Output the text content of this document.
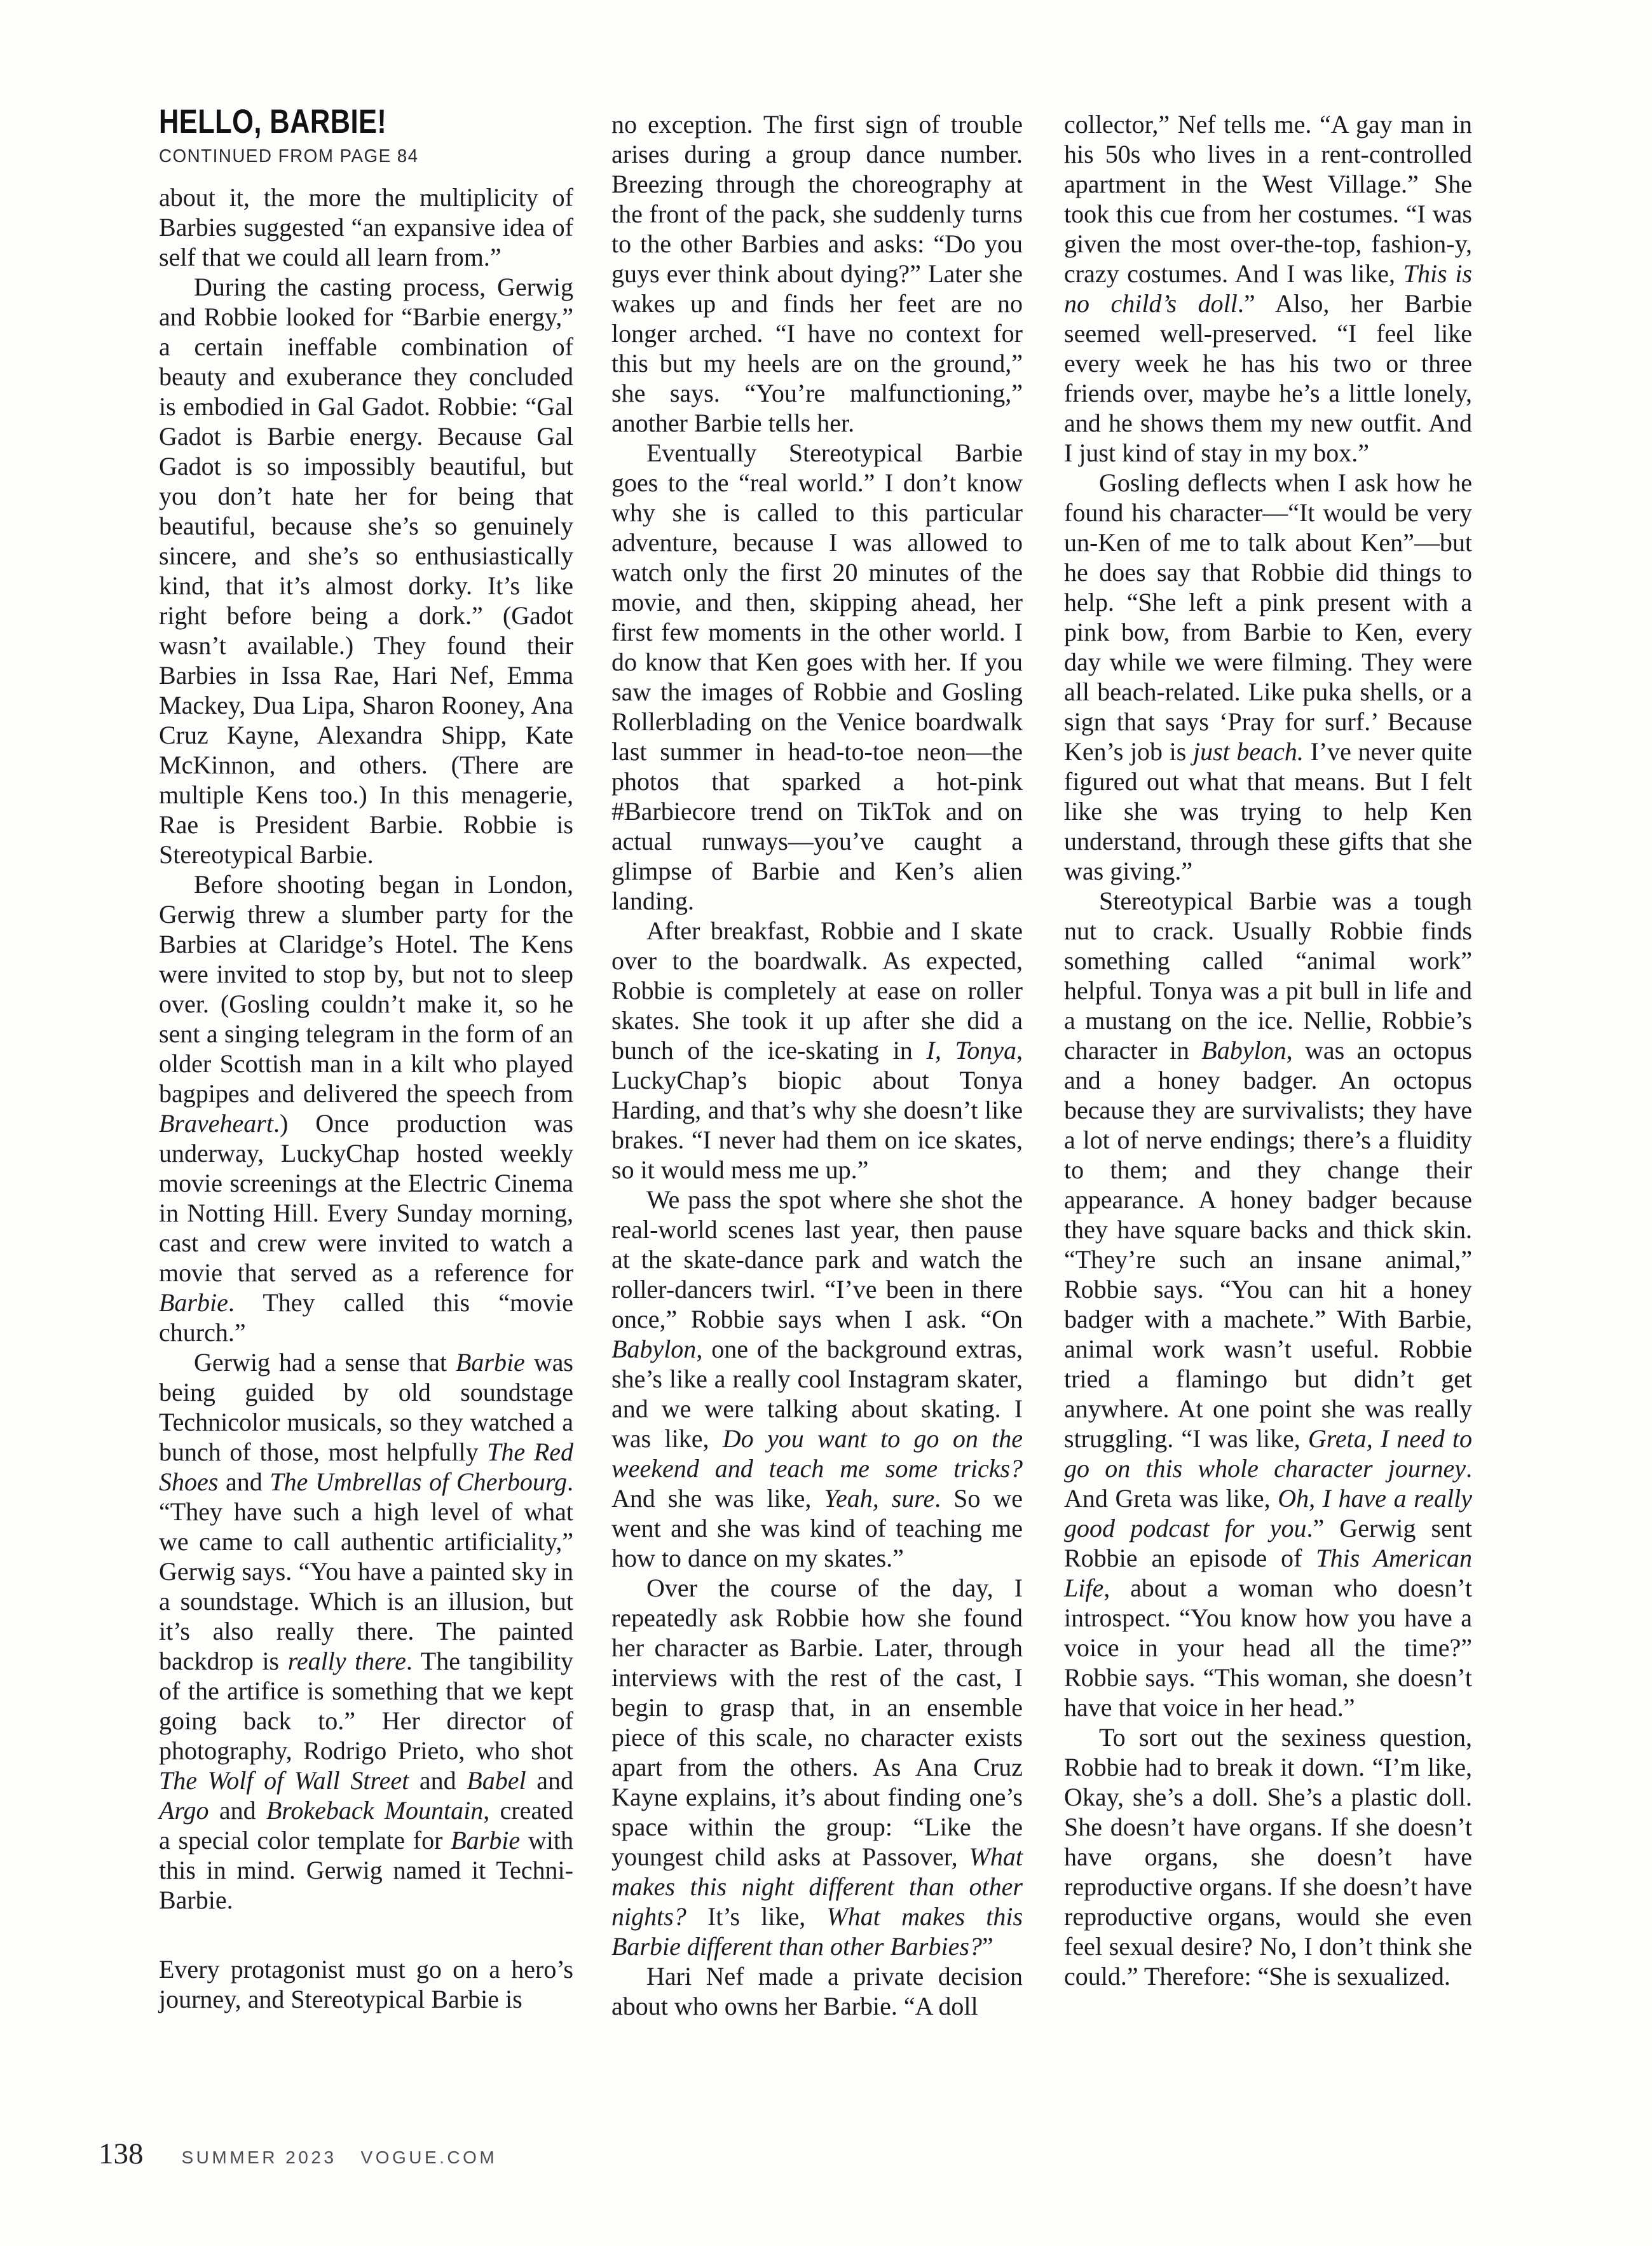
HELLO, BARBIE!
CONTINUED FROM PAGE 84

about it, the more the multiplicity of Barbies suggested “an expansive idea of self that we could all learn from.”

During the casting process, Gerwig and Robbie looked for “Barbie energy,” a certain ineffable combination of beauty and exuberance they concluded is embodied in Gal Gadot. Robbie: “Gal Gadot is Barbie energy. Because Gal Gadot is so impossibly beautiful, but you don’t hate her for being that beautiful, because she’s so genuinely sincere, and she’s so enthusiastically kind, that it’s almost dorky. It’s like right before being a dork.” (Gadot wasn’t available.) They found their Barbies in Issa Rae, Hari Nef, Emma Mackey, Dua Lipa, Sharon Rooney, Ana Cruz Kayne, Alexandra Shipp, Kate McKinnon, and others. (There are multiple Kens too.) In this menagerie, Rae is President Barbie. Robbie is Stereotypical Barbie.

Before shooting began in London, Gerwig threw a slumber party for the Barbies at Claridge’s Hotel. The Kens were invited to stop by, but not to sleep over. (Gosling couldn’t make it, so he sent a singing telegram in the form of an older Scottish man in a kilt who played bagpipes and delivered the speech from Braveheart.) Once production was underway, LuckyChap hosted weekly movie screenings at the Electric Cinema in Notting Hill. Every Sunday morning, cast and crew were invited to watch a movie that served as a reference for Barbie. They called this “movie church.”

Gerwig had a sense that Barbie was being guided by old soundstage Technicolor musicals, so they watched a bunch of those, most helpfully The Red Shoes and The Umbrellas of Cherbourg. “They have such a high level of what we came to call authentic artificiality,” Gerwig says. “You have a painted sky in a soundstage. Which is an illusion, but it’s also really there. The painted backdrop is really there. The tangibility of the artifice is something that we kept going back to.” Her director of photography, Rodrigo Prieto, who shot The Wolf of Wall Street and Babel and Argo and Brokeback Mountain, created a special color template for Barbie with this in mind. Gerwig named it Techni-Barbie.

Every protagonist must go on a hero’s journey, and Stereotypical Barbie is

no exception. The first sign of trouble arises during a group dance number. Breezing through the choreography at the front of the pack, she suddenly turns to the other Barbies and asks: “Do you guys ever think about dying?” Later she wakes up and finds her feet are no longer arched. “I have no context for this but my heels are on the ground,” she says. “You’re malfunctioning,” another Barbie tells her.

Eventually Stereotypical Barbie goes to the “real world.” I don’t know why she is called to this particular adventure, because I was allowed to watch only the first 20 minutes of the movie, and then, skipping ahead, her first few moments in the other world. I do know that Ken goes with her. If you saw the images of Robbie and Gosling Rollerblading on the Venice boardwalk last summer in head-to-toe neon—the photos that sparked a hot-pink #Barbiecore trend on TikTok and on actual runways—you’ve caught a glimpse of Barbie and Ken’s alien landing.

After breakfast, Robbie and I skate over to the boardwalk. As expected, Robbie is completely at ease on roller skates. She took it up after she did a bunch of the ice-skating in I, Tonya, LuckyChap’s biopic about Tonya Harding, and that’s why she doesn’t like brakes. “I never had them on ice skates, so it would mess me up.”

We pass the spot where she shot the real-world scenes last year, then pause at the skate-dance park and watch the roller-dancers twirl. “I’ve been in there once,” Robbie says when I ask. “On Babylon, one of the background extras, she’s like a really cool Instagram skater, and we were talking about skating. I was like, Do you want to go on the weekend and teach me some tricks? And she was like, Yeah, sure. So we went and she was kind of teaching me how to dance on my skates.”

Over the course of the day, I repeatedly ask Robbie how she found her character as Barbie. Later, through interviews with the rest of the cast, I begin to grasp that, in an ensemble piece of this scale, no character exists apart from the others. As Ana Cruz Kayne explains, it’s about finding one’s space within the group: “Like the youngest child asks at Passover, What makes this night different than other nights? It’s like, What makes this Barbie different than other Barbies?”

Hari Nef made a private decision about who owns her Barbie. “A doll

collector,” Nef tells me. “A gay man in his 50s who lives in a rent-controlled apartment in the West Village.” She took this cue from her costumes. “I was given the most over-the-top, fashion-y, crazy costumes. And I was like, This is no child’s doll.” Also, her Barbie seemed well-preserved. “I feel like every week he has his two or three friends over, maybe he’s a little lonely, and he shows them my new outfit. And I just kind of stay in my box.”

Gosling deflects when I ask how he found his character—“It would be very un-Ken of me to talk about Ken”—but he does say that Robbie did things to help. “She left a pink present with a pink bow, from Barbie to Ken, every day while we were filming. They were all beach-related. Like puka shells, or a sign that says ‘Pray for surf.’ Because Ken’s job is just beach. I’ve never quite figured out what that means. But I felt like she was trying to help Ken understand, through these gifts that she was giving.”

Stereotypical Barbie was a tough nut to crack. Usually Robbie finds something called “animal work” helpful. Tonya was a pit bull in life and a mustang on the ice. Nellie, Robbie’s character in Babylon, was an octopus and a honey badger. An octopus because they are survivalists; they have a lot of nerve endings; there’s a fluidity to them; and they change their appearance. A honey badger because they have square backs and thick skin. “They’re such an insane animal,” Robbie says. “You can hit a honey badger with a machete.” With Barbie, animal work wasn’t useful. Robbie tried a flamingo but didn’t get anywhere. At one point she was really struggling. “I was like, Greta, I need to go on this whole character journey. And Greta was like, Oh, I have a really good podcast for you.” Gerwig sent Robbie an episode of This American Life, about a woman who doesn’t introspect. “You know how you have a voice in your head all the time?” Robbie says. “This woman, she doesn’t have that voice in her head.”

To sort out the sexiness question, Robbie had to break it down. “I’m like, Okay, she’s a doll. She’s a plastic doll. She doesn’t have organs. If she doesn’t have organs, she doesn’t have reproductive organs. If she doesn’t have reproductive organs, would she even feel sexual desire? No, I don’t think she could.” Therefore: “She is sexualized.

138 SUMMER 2023 VOGUE.COM
